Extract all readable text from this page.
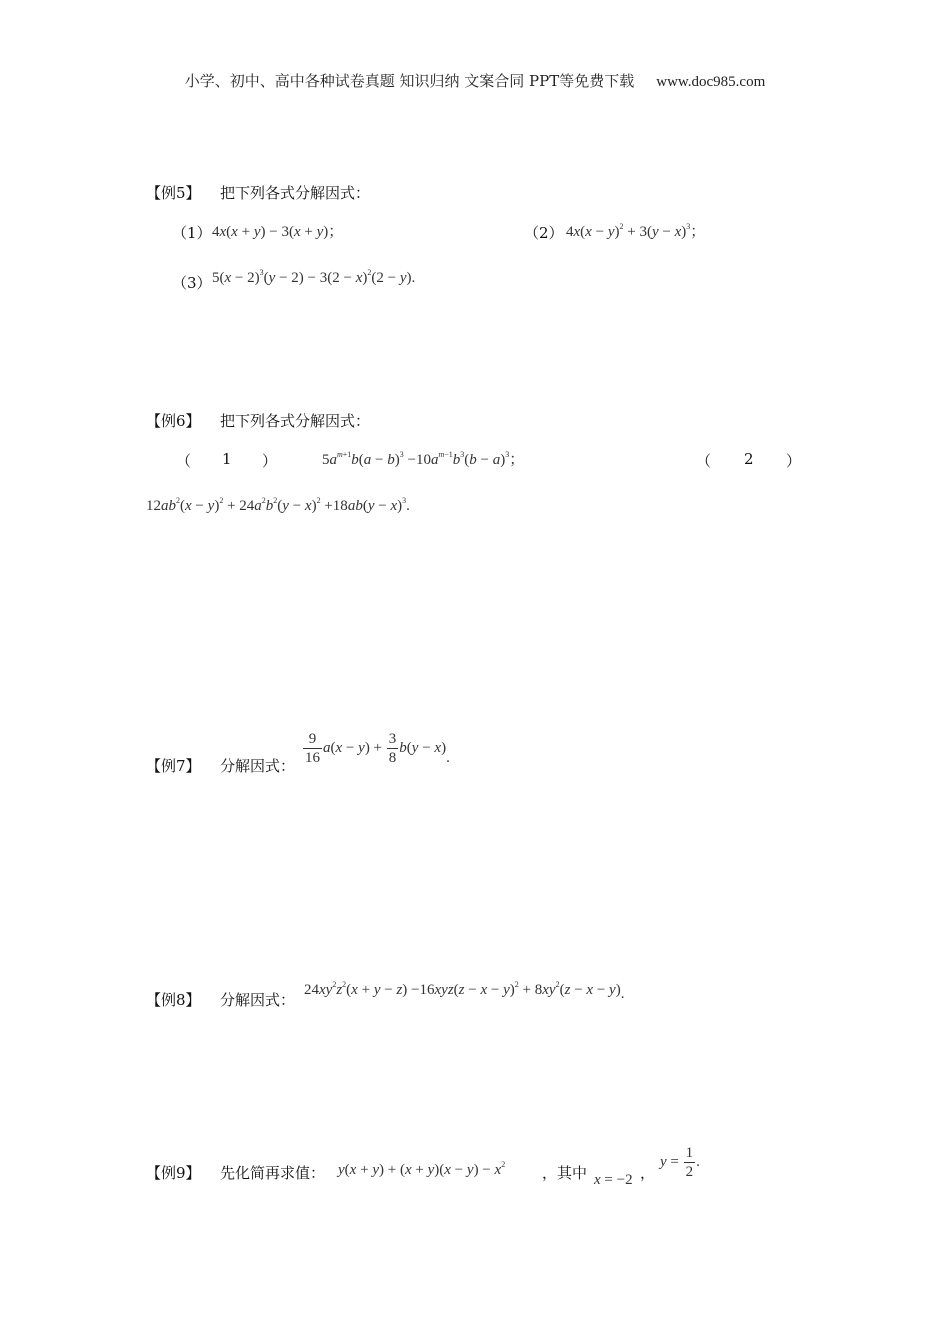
小学、初中、高中各种试卷真题 知识归纳 文案合同 PPT等免费下载 www.doc985.com
【例5】 把下列各式分解因式：
（1） 4x(x + y) − 3(x + y)；	（2） $4x(x - y)^2 + 3(y - x)^3$；
（3） $5(x - 2)^3(y - 2) - 3(2 - x)^2(2 - y)$.
【例6】 把下列各式分解因式：
（ 1 ）	$5a^{m+1}b(a - b)^3 -10a^{m-1}b^3(b - a)^3$；	（ 2 ）
$12ab^2(x - y)^2 + 24a^2b^2(y - x)^2 +18ab(y - x)^3$.
【例7】 分解因式： $\frac{9}{16} a(x - y) + \frac{3}{8} b(y - x)$.
【例8】 分解因式：
$24xy^2z^2(x + y - z) -16xyz(z - x - y)^2 + 8xy^2(z - x - y)$.
【例9】 先化简再求值： $y(x + y) + (x + y)(x - y) - x^2$ ，其中 x = −2 ，
$y = \frac{1}{2}$ .
